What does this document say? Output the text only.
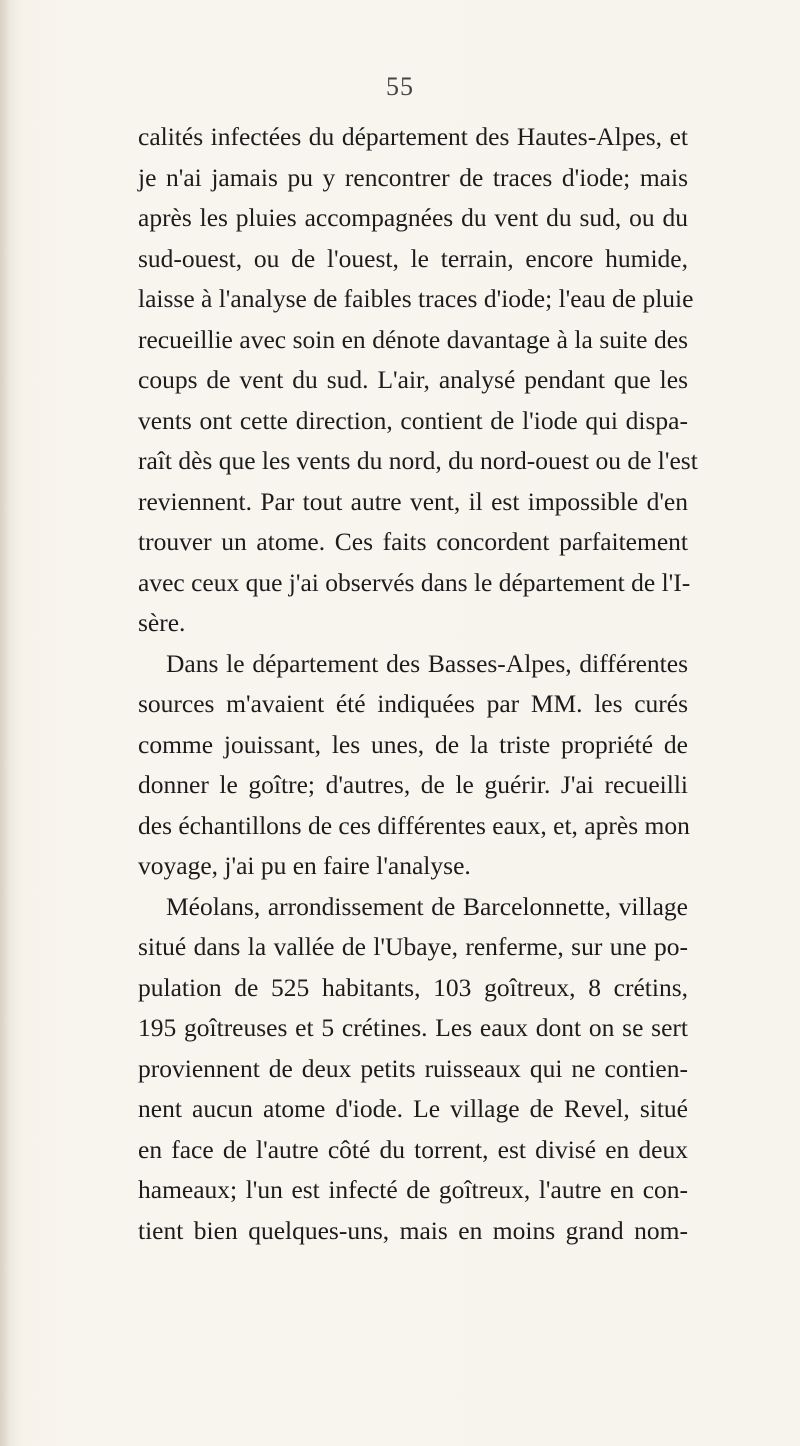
55
calités infectées du département des Hautes-Alpes, et
je n'ai jamais pu y rencontrer de traces d'iode; mais
après les pluies accompagnées du vent du sud, ou du
sud-ouest, ou de l'ouest, le terrain, encore humide,
laisse à l'analyse de faibles traces d'iode; l'eau de pluie
recueillie avec soin en dénote davantage à la suite des
coups de vent du sud. L'air, analysé pendant que les
vents ont cette direction, contient de l'iode qui dispa-
raît dès que les vents du nord, du nord-ouest ou de l'est
reviennent. Par tout autre vent, il est impossible d'en
trouver un atome. Ces faits concordent parfaitement
avec ceux que j'ai observés dans le département de l'I-
sère.
Dans le département des Basses-Alpes, différentes
sources m'avaient été indiquées par MM. les curés
comme jouissant, les unes, de la triste propriété de
donner le goître; d'autres, de le guérir. J'ai recueilli
des échantillons de ces différentes eaux, et, après mon
voyage, j'ai pu en faire l'analyse.
Méolans, arrondissement de Barcelonnette, village
situé dans la vallée de l'Ubaye, renferme, sur une po-
pulation de 525 habitants, 103 goîtreux, 8 crétins,
195 goîtreuses et 5 crétines. Les eaux dont on se sert
proviennent de deux petits ruisseaux qui ne contien-
nent aucun atome d'iode. Le village de Revel, situé
en face de l'autre côté du torrent, est divisé en deux
hameaux; l'un est infecté de goîtreux, l'autre en con-
tient bien quelques-uns, mais en moins grand nom-
